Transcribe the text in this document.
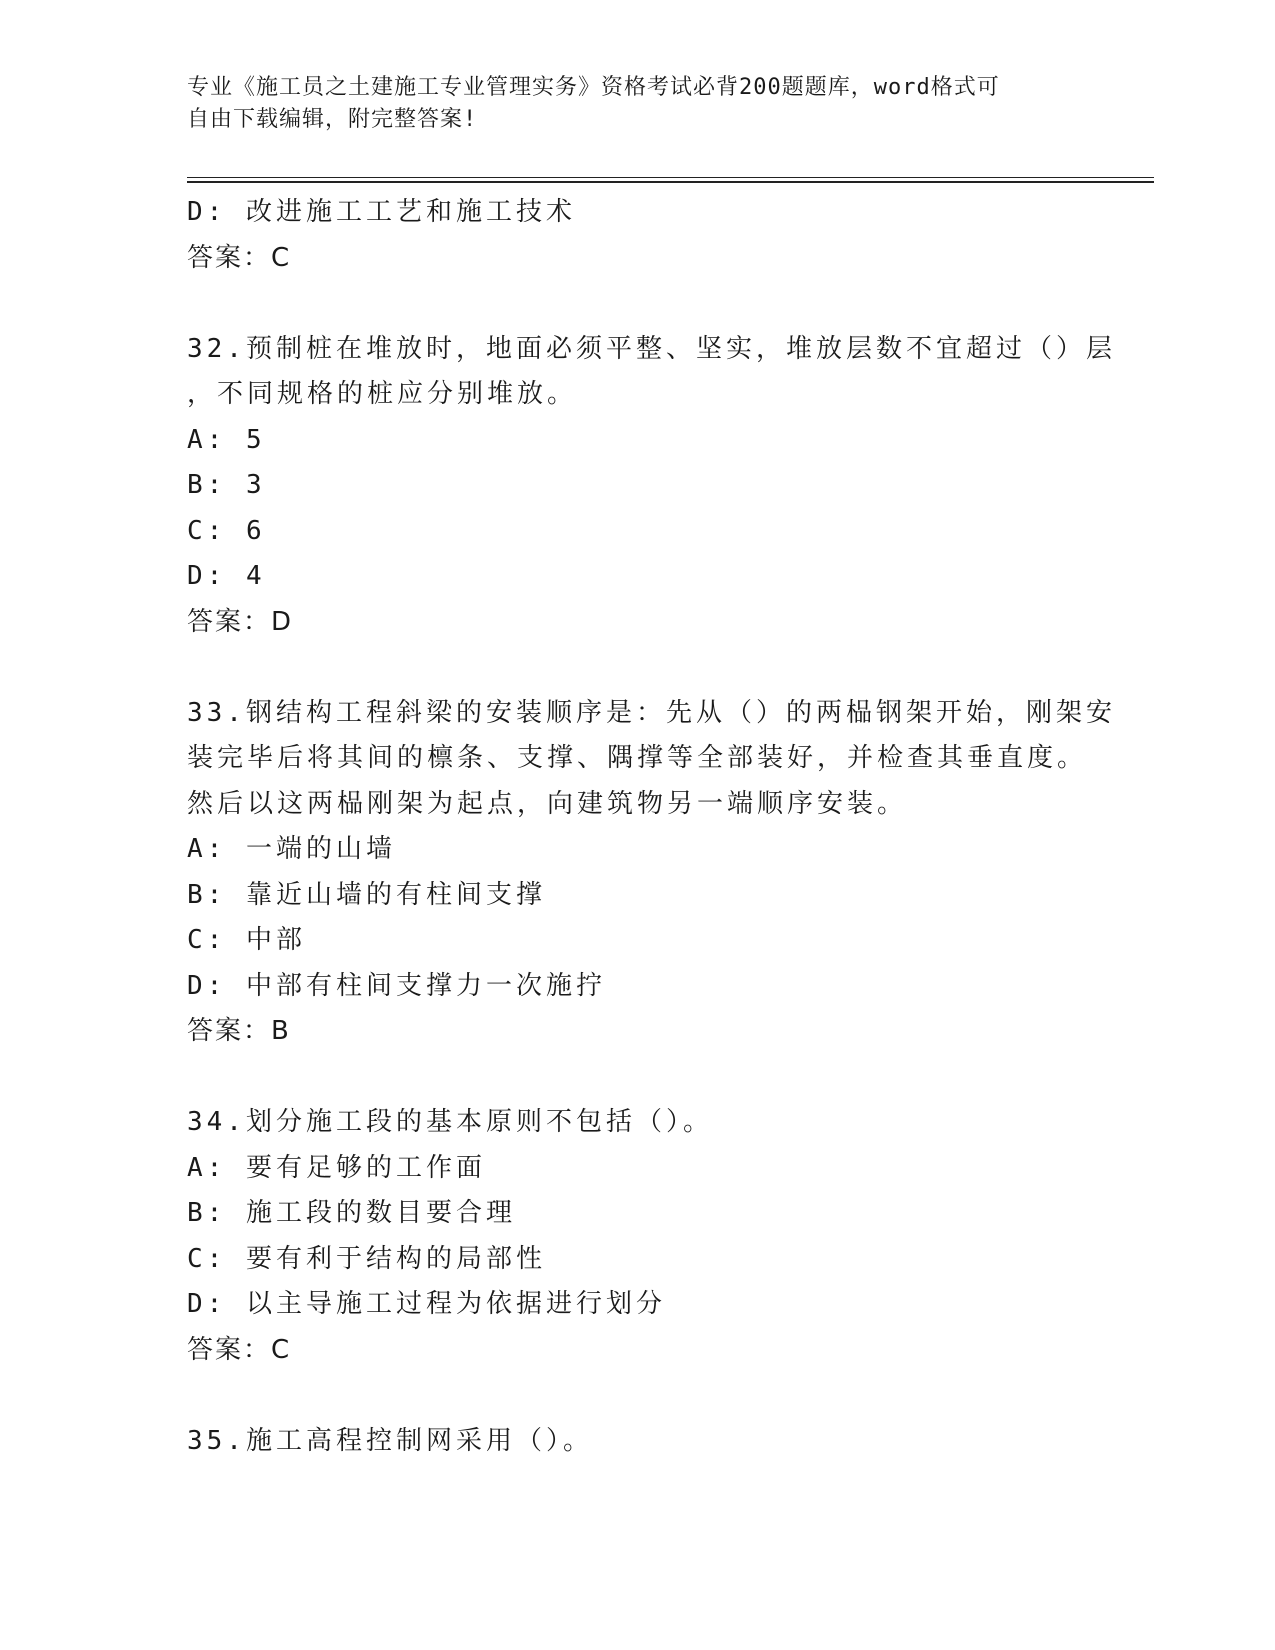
专业《施工员之土建施工专业管理实务》资格考试必背200题题库，word格式可
自由下载编辑，附完整答案!
D: 改进施工工艺和施工技术
答案：C
32.预制桩在堆放时，地面必须平整、坚实，堆放层数不宜超过（）层
，不同规格的桩应分别堆放。
A: 5
B: 3
C: 6
D: 4
答案：D
33.钢结构工程斜梁的安装顺序是：先从（）的两榀钢架开始，刚架安
装完毕后将其间的檩条、支撑、隅撑等全部装好，并检查其垂直度。
然后以这两榀刚架为起点，向建筑物另一端顺序安装。
A: 一端的山墙
B: 靠近山墙的有柱间支撑
C: 中部
D: 中部有柱间支撑力一次施拧
答案：B
34.划分施工段的基本原则不包括（）。
A: 要有足够的工作面
B: 施工段的数目要合理
C: 要有利于结构的局部性
D: 以主导施工过程为依据进行划分
答案：C
35.施工高程控制网采用（）。
